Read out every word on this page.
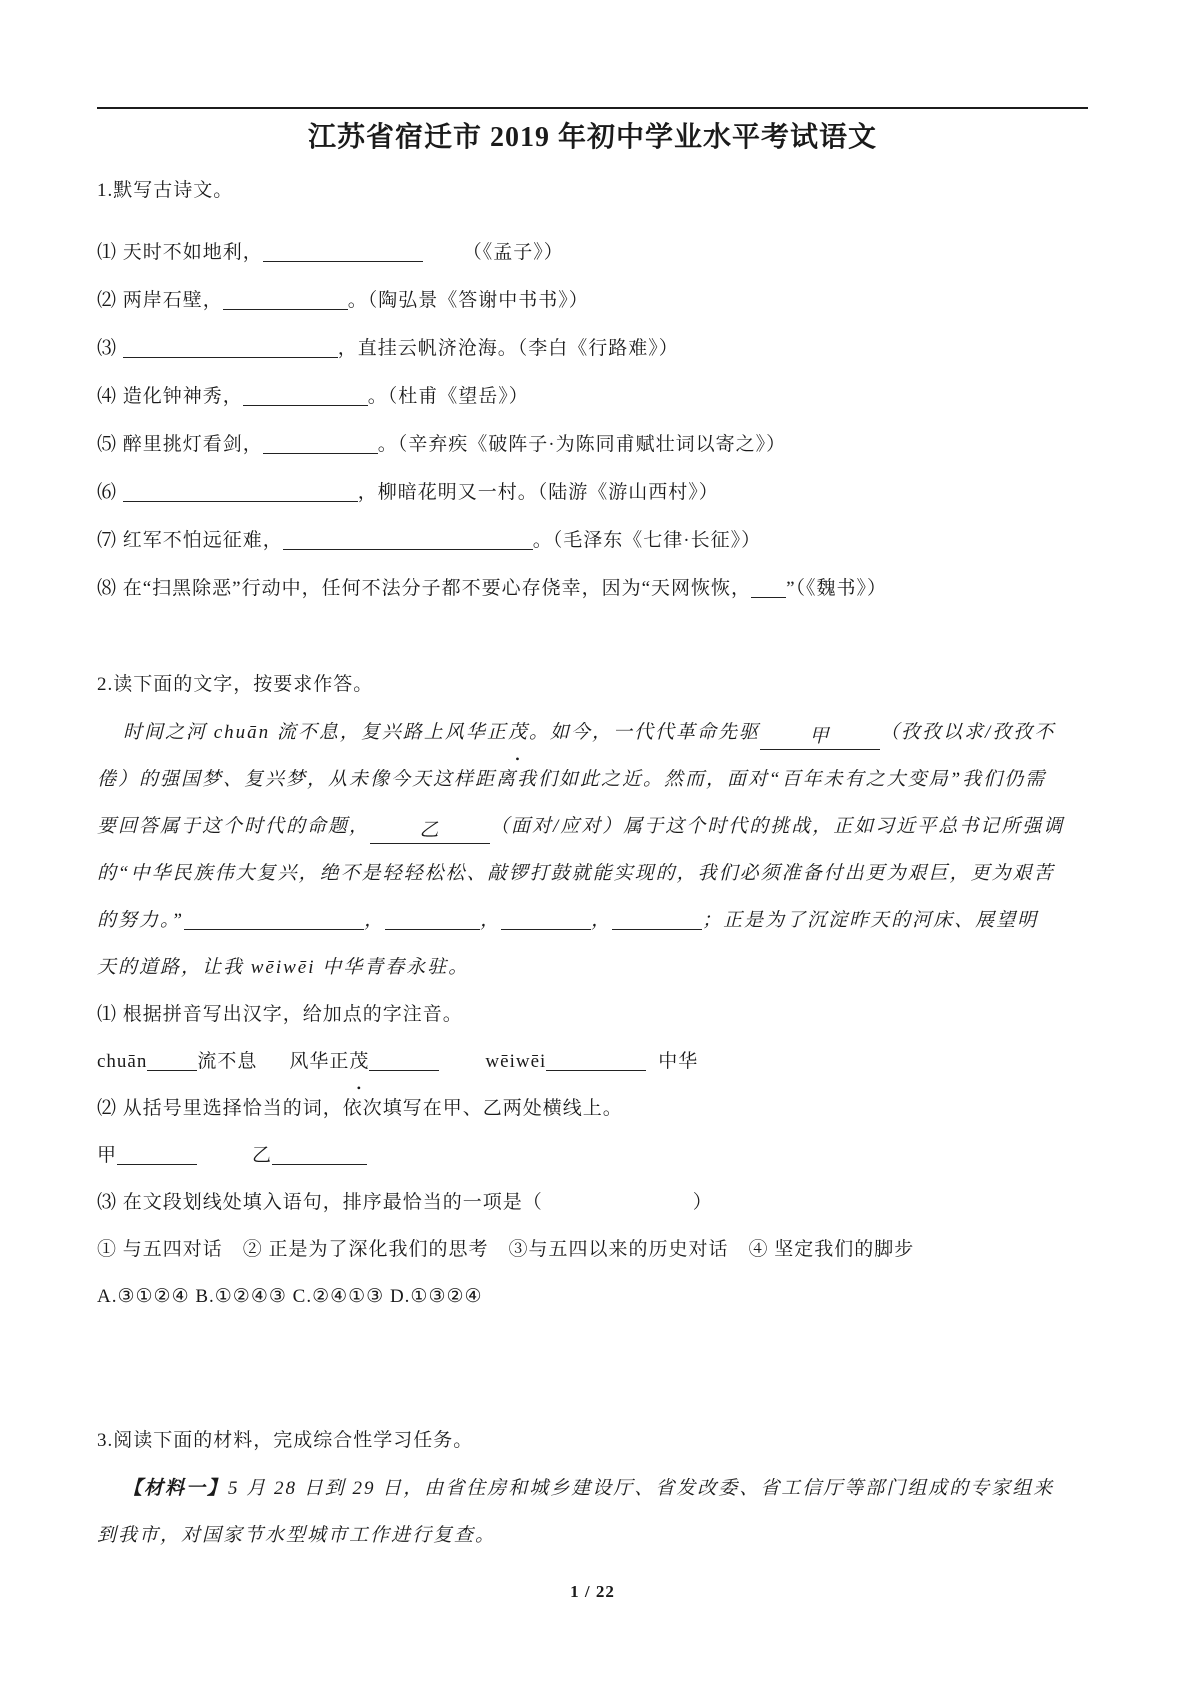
江苏省宿迁市 2019 年初中学业水平考试语文
1.默写古诗文。
⑴ 天时不如地利，	（《孟子》）
⑵ 两岸石壁，	。（陶弘景《答谢中书书》）
⑶	，直挂云帆济沧海。（李白《行路难》）
⑷ 造化钟神秀，	。（杜甫《望岳》）
⑸ 醉里挑灯看剑，	。（辛弃疾《破阵子·为陈同甫赋壮词以寄之》）
⑹	，柳暗花明又一村。（陆游《游山西村》）
⑺ 红军不怕远征难，	。（毛泽东《七律·长征》）
⑻ 在“扫黑除恶”行动中，任何不法分子都不要心存侥幸，因为“天网恢恢， ”（《魏书》）
2.读下面的文字，按要求作答。
时间之河 chuān 流不息，复兴路上风华正茂。如今，一代代革命先驱	甲	（孜孜以求/孜孜不
倦）的强国梦、复兴梦，从未像今天这样距离我们如此之近。然而，面对“百年未有之大变局”我们仍需
要回答属于这个时代的命题，	乙	（面对/应对）属于这个时代的挑战，正如习近平总书记所强调
的“中华民族伟大复兴，绝不是轻轻松松、敲锣打鼓就能实现的，我们必须准备付出更为艰巨，更为艰苦
的努力。”	，	，	，	；正是为了沉淀昨天的河床、展望明
天的道路，让我 wēiwēi 中华青春永驻。
⑴ 根据拼音写出汉字，给加点的字注音。
chuān	流不息 风华正茂	wēiwēi	中华
⑵ 从括号里选择恰当的词，依次填写在甲、乙两处横线上。
甲	乙
⑶ 在文段划线处填入语句，排序最恰当的一项是（	）
① 与五四对话　② 正是为了深化我们的思考　③与五四以来的历史对话　④ 坚定我们的脚步
A.③①②④ B.①②④③ C.②④①③ D.①③②④
3.阅读下面的材料，完成综合性学习任务。
【材料一】5 月 28 日到 29 日，由省住房和城乡建设厅、省发改委、省工信厅等部门组成的专家组来
到我市，对国家节水型城市工作进行复查。
1 / 22
